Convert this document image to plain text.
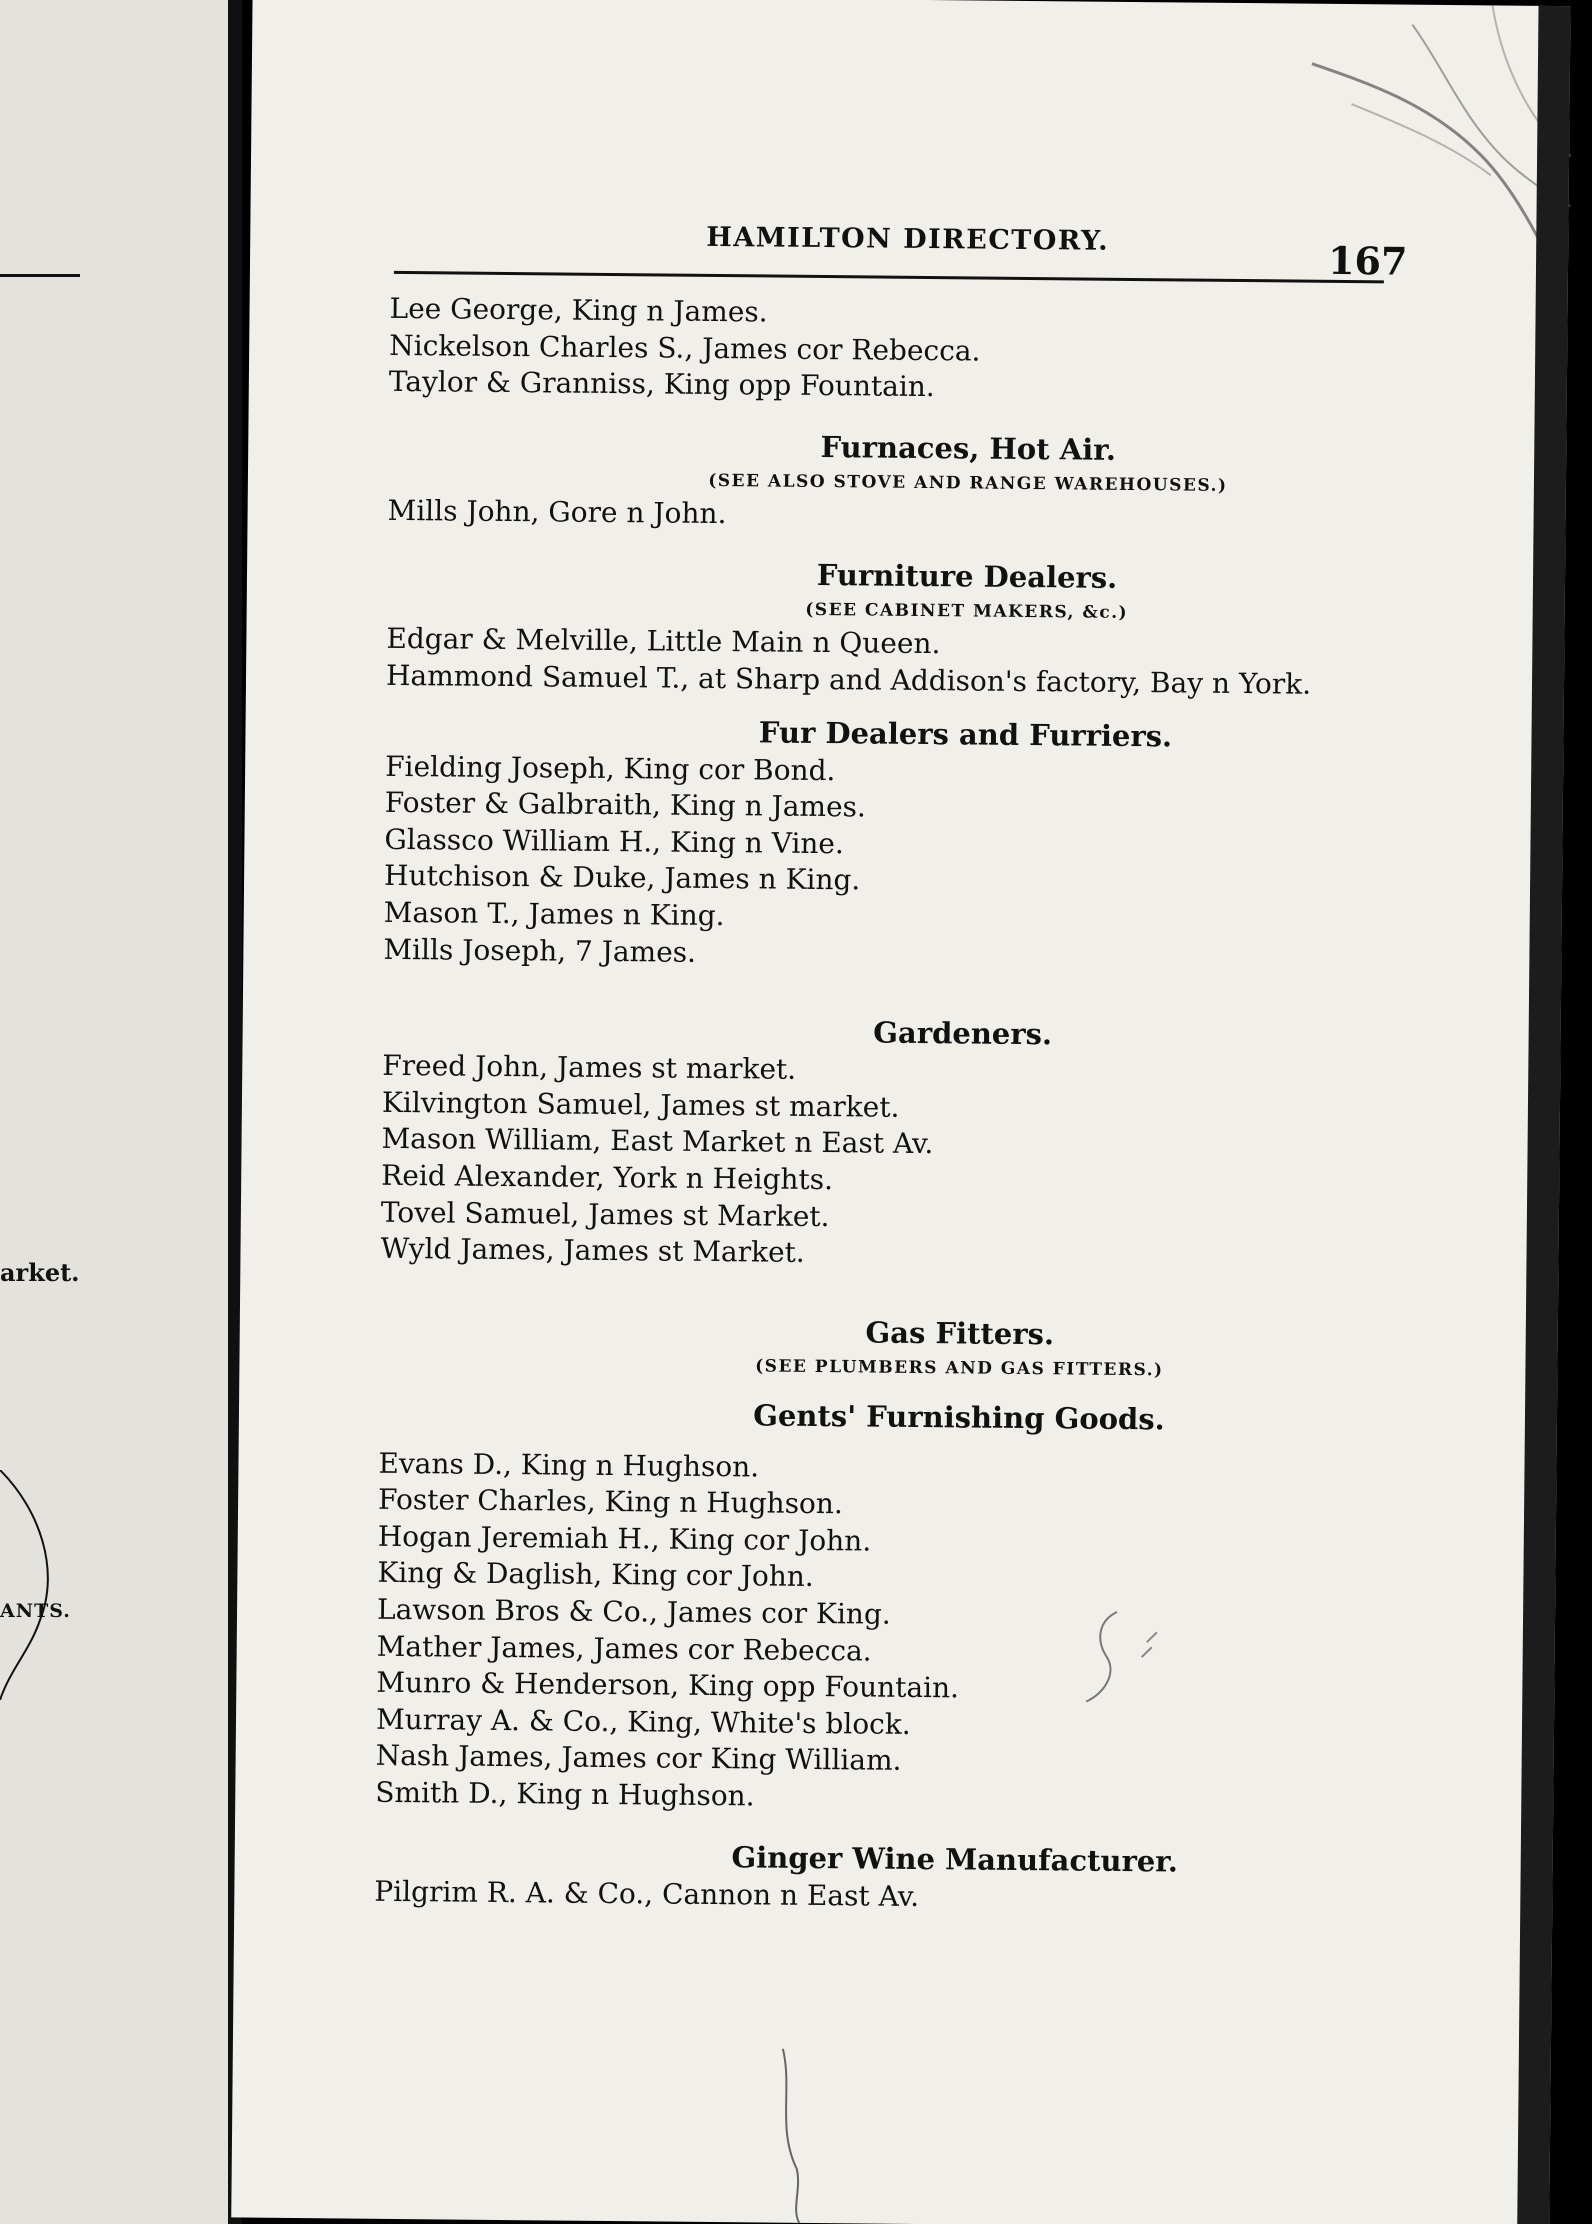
arket.
ANTS.
HAMILTON DIRECTORY.	167
Lee George, King n James.
Nickelson Charles S., James cor Rebecca.
Taylor & Granniss, King opp Fountain.
Furnaces, Hot Air.
(SEE ALSO STOVE AND RANGE WAREHOUSES.)
Mills John, Gore n John.
Furniture Dealers.
(SEE CABINET MAKERS, &c.)
Edgar & Melville, Little Main n Queen.
Hammond Samuel T., at Sharp and Addison's factory, Bay n York.
Fur Dealers and Furriers.
Fielding Joseph, King cor Bond.
Foster & Galbraith, King n James.
Glassco William H., King n Vine.
Hutchison & Duke, James n King.
Mason T., James n King.
Mills Joseph, 7 James.
Gardeners.
Freed John, James st market.
Kilvington Samuel, James st market.
Mason William, East Market n East Av.
Reid Alexander, York n Heights.
Tovel Samuel, James st Market.
Wyld James, James st Market.
Gas Fitters.
(SEE PLUMBERS AND GAS FITTERS.)
Gents' Furnishing Goods.
Evans D., King n Hughson.
Foster Charles, King n Hughson.
Hogan Jeremiah H., King cor John.
King & Daglish, King cor John.
Lawson Bros & Co., James cor King.
Mather James, James cor Rebecca.
Munro & Henderson, King opp Fountain.
Murray A. & Co., King, White's block.
Nash James, James cor King William.
Smith D., King n Hughson.
Ginger Wine Manufacturer.
Pilgrim R. A. & Co., Cannon n East Av.
